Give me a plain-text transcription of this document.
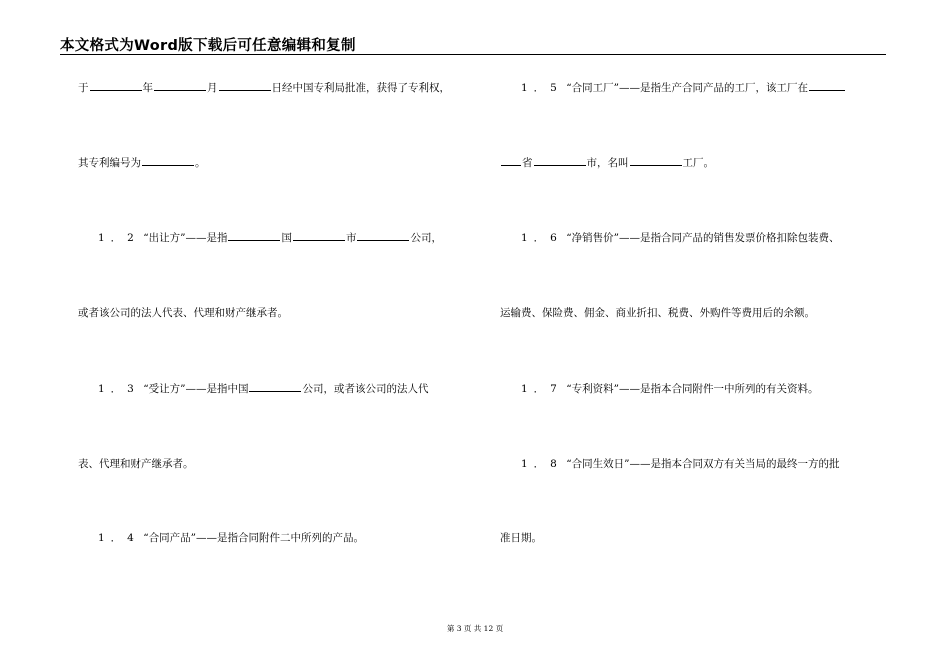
本文格式为Word版下载后可任意编辑和复制
于	年	月	日经中国专利局批准，获得了专利权，
其专利编号为	。
1．2 “出让方”——是指	国	市	公司，
或者该公司的法人代表、代理和财产继承者。
1．3 “受让方”——是指中国	公司，或者该公司的法人代
表、代理和财产继承者。
1．4 “合同产品”——是指合同附件二中所列的产品。
1．5 “合同工厂”——是指生产合同产品的工厂，该工厂在
省	市，名叫	工厂。
1．6 “净销售价”——是指合同产品的销售发票价格扣除包装费、
运输费、保险费、佣金、商业折扣、税费、外购件等费用后的余额。
1．7 “专利资料”——是指本合同附件一中所列的有关资料。
1．8 “合同生效日”——是指本合同双方有关当局的最终一方的批
准日期。
第 3 页 共 12 页
